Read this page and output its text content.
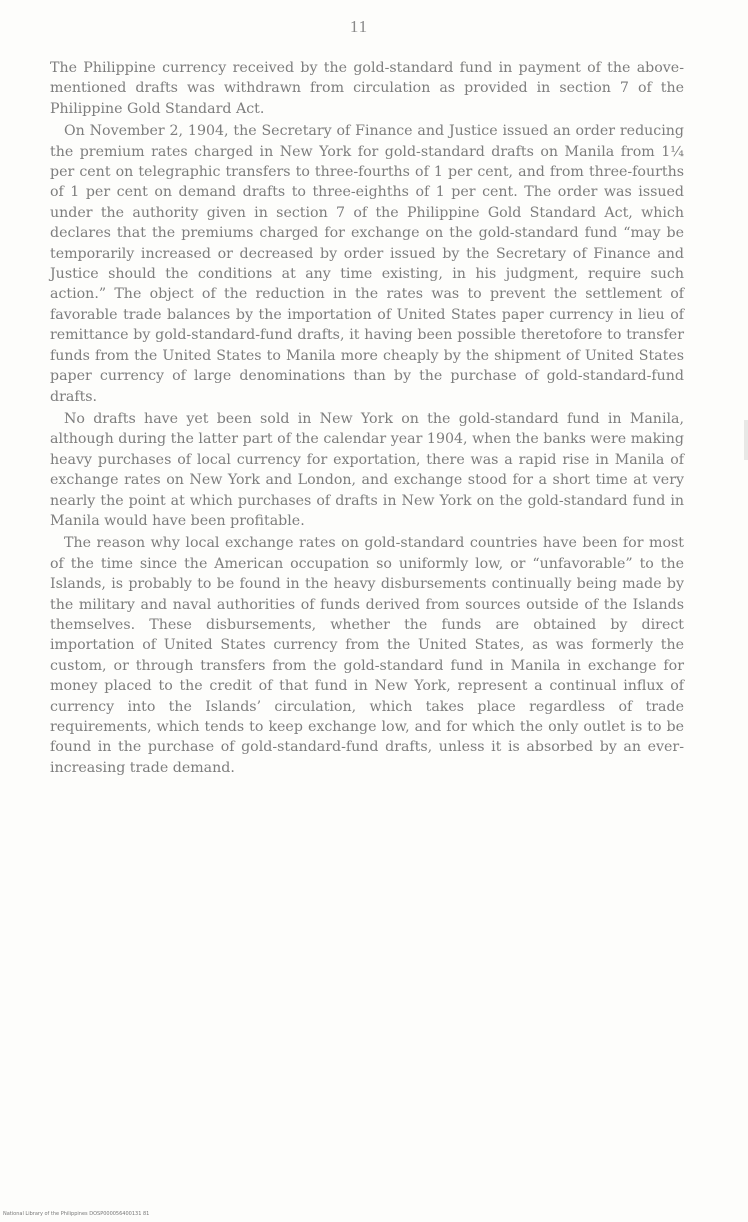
11

The Philippine currency received by the gold-standard fund in payment of the above-mentioned drafts was withdrawn from circulation as provided in section 7 of the Philippine Gold Standard Act.

On November 2, 1904, the Secretary of Finance and Justice issued an order reducing the premium rates charged in New York for gold-standard drafts on Manila from 1¼ per cent on telegraphic transfers to three-fourths of 1 per cent, and from three-fourths of 1 per cent on demand drafts to three-eighths of 1 per cent. The order was issued under the authority given in section 7 of the Philippine Gold Standard Act, which declares that the premiums charged for exchange on the gold-standard fund “may be temporarily increased or decreased by order issued by the Secretary of Finance and Justice should the conditions at any time existing, in his judgment, require such action.” The object of the reduction in the rates was to prevent the settlement of favorable trade balances by the importation of United States paper currency in lieu of remittance by gold-standard-fund drafts, it having been possible theretofore to transfer funds from the United States to Manila more cheaply by the shipment of United States paper currency of large denominations than by the purchase of gold-standard-fund drafts.

No drafts have yet been sold in New York on the gold-standard fund in Manila, although during the latter part of the calendar year 1904, when the banks were making heavy purchases of local currency for exportation, there was a rapid rise in Manila of exchange rates on New York and London, and exchange stood for a short time at very nearly the point at which purchases of drafts in New York on the gold-standard fund in Manila would have been profitable.

The reason why local exchange rates on gold-standard countries have been for most of the time since the American occupation so uniformly low, or “unfavorable” to the Islands, is probably to be found in the heavy disbursements continually being made by the military and naval authorities of funds derived from sources outside of the Islands themselves. These disbursements, whether the funds are obtained by direct importation of United States currency from the United States, as was formerly the custom, or through transfers from the gold-standard fund in Manila in exchange for money placed to the credit of that fund in New York, represent a continual influx of currency into the Islands’ circulation, which takes place regardless of trade requirements, which tends to keep exchange low, and for which the only outlet is to be found in the purchase of gold-standard-fund drafts, unless it is absorbed by an ever-increasing trade demand.

National Library of the Philippines DOSP000056400131 81
